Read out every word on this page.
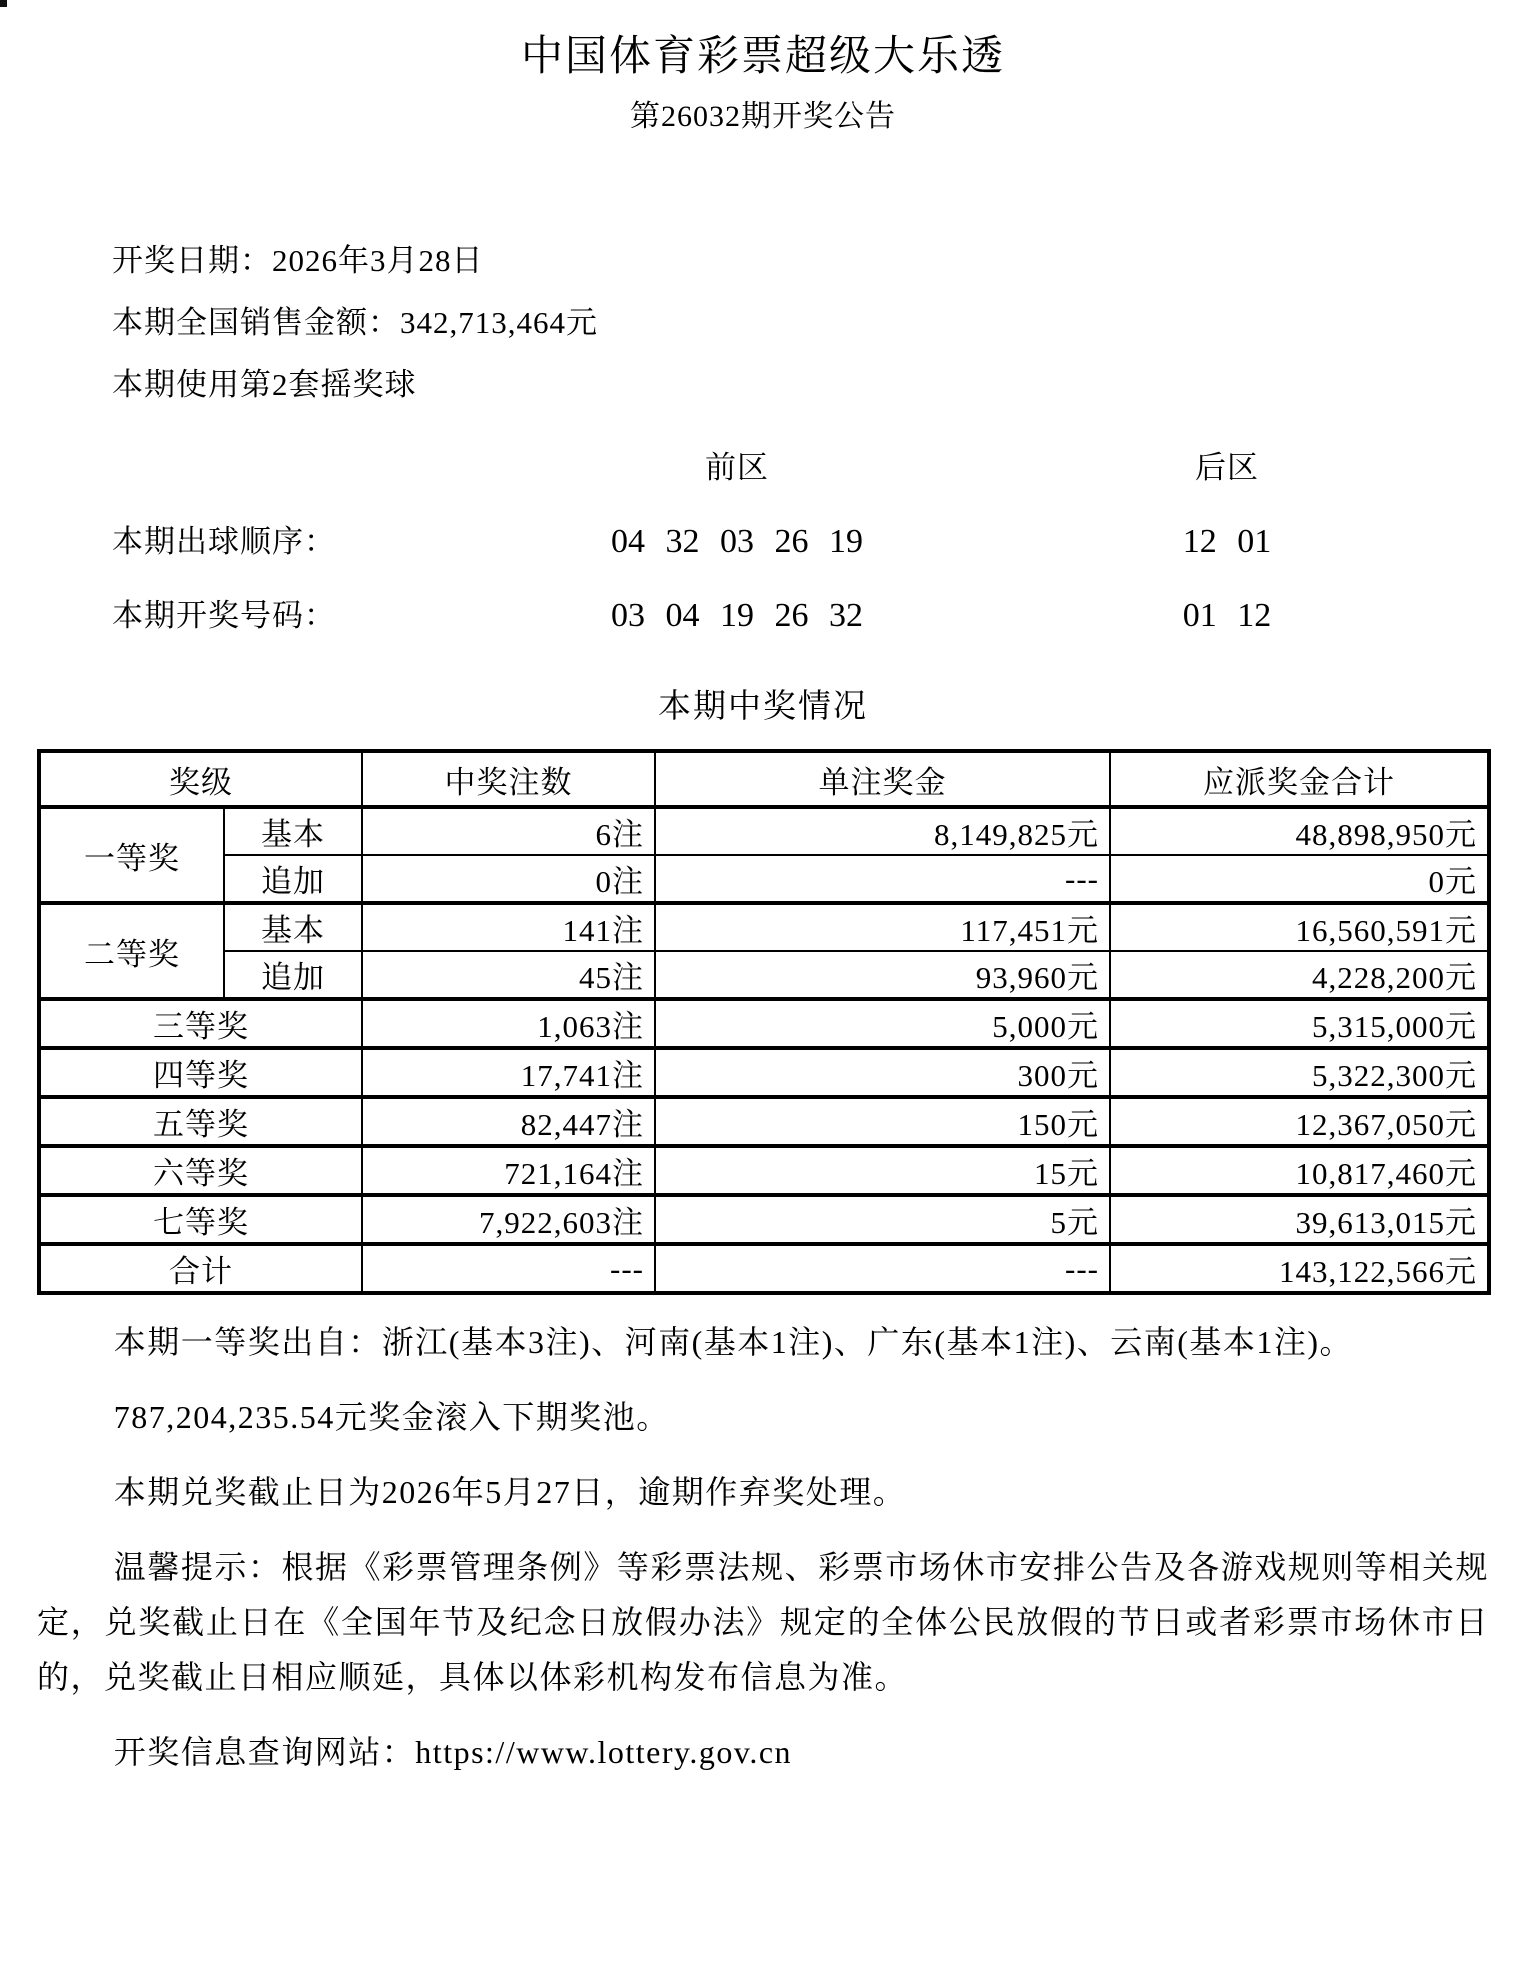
中国体育彩票超级大乐透
第26032期开奖公告
开奖日期：2026年3月28日
本期全国销售金额：342,713,464元
本期使用第2套摇奖球
前区	后区
本期出球顺序：	04 32 03 26 19	12 01
本期开奖号码：	03 04 19 26 32	01 12
本期中奖情况
奖级		中奖注数	单注奖金	应派奖金合计
一等奖	基本	6注	8,149,825元	48,898,950元
	追加	0注	---	0元
二等奖	基本	141注	117,451元	16,560,591元
	追加	45注	93,960元	4,228,200元
三等奖		1,063注	5,000元	5,315,000元
四等奖		17,741注	300元	5,322,300元
五等奖		82,447注	150元	12,367,050元
六等奖		721,164注	15元	10,817,460元
七等奖		7,922,603注	5元	39,613,015元
合计		---	---	143,122,566元

本期一等奖出自：浙江(基本3注)、河南(基本1注)、广东(基本1注)、云南(基本1注)。

787,204,235.54元奖金滚入下期奖池。

本期兑奖截止日为2026年5月27日，逾期作弃奖处理。

温馨提示：根据《彩票管理条例》等彩票法规、彩票市场休市安排公告及各游戏规则等相关规定，兑奖截止日在《全国年节及纪念日放假办法》规定的全体公民放假的节日或者彩票市场休市日的，兑奖截止日相应顺延，具体以体彩机构发布信息为准。

开奖信息查询网站：https://www.lottery.gov.cn
